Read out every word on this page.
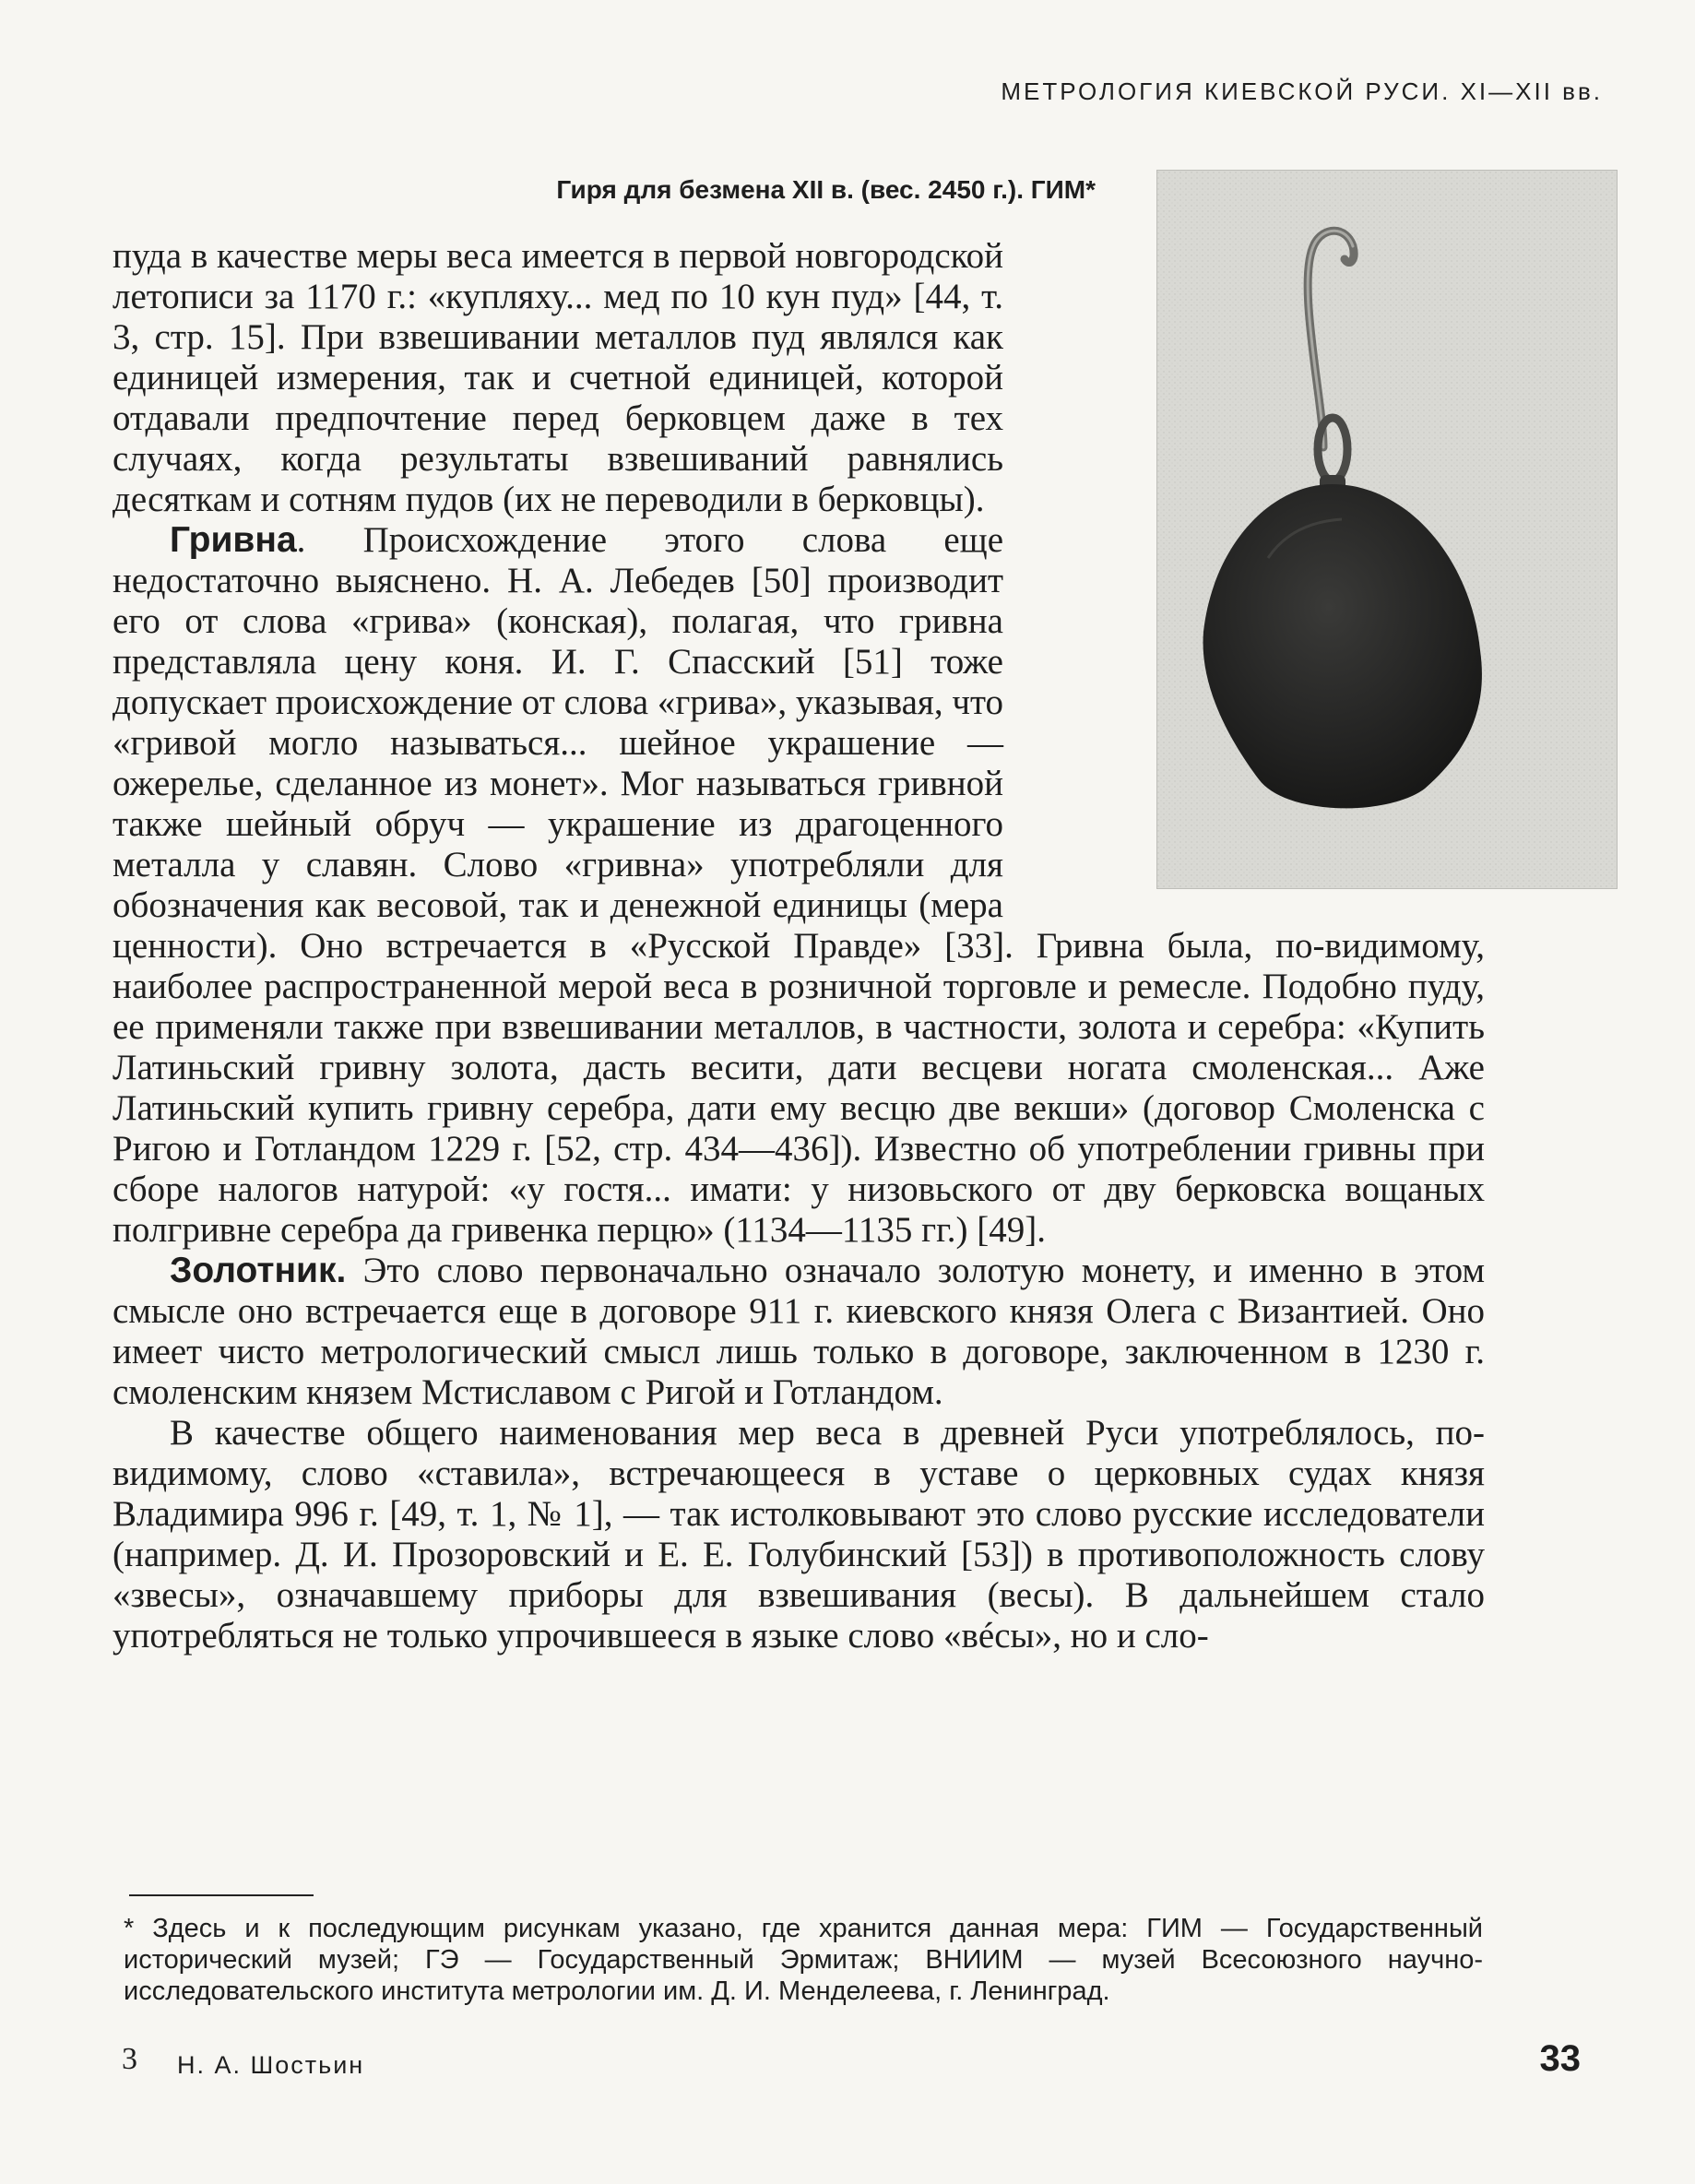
МЕТРОЛОГИЯ КИЕВСКОЙ РУСИ. XI—XII вв.
Гиря для безмена XII в. (вес. 2450 г.). ГИМ*

пуда в качестве меры веса имеется в первой новгородской летописи за 1170 г.: «купляху... мед по 10 кун пуд» [44, т. 3, стр. 15]. При взвешивании металлов пуд являлся как единицей измерения, так и счетной единицей, которой отдавали предпочтение перед берковцем даже в тех случаях, когда результаты взвешиваний равнялись десяткам и сотням пудов (их не переводили в берковцы).

Гривна. Происхождение этого слова еще недостаточно выяснено. Н. А. Лебедев [50] производит его от слова «грива» (конская), полагая, что гривна представляла цену коня. И. Г. Спасский [51] тоже допускает происхождение от слова «грива», указывая, что «гривой могло называться... шейное украшение — ожерелье, сделанное из монет». Мог называться гривной также шейный обруч — украшение из драгоценного металла у славян. Слово «гривна» употребляли для обозначения как весовой, так и денежной единицы (мера ценности). Оно встречается в «Русской Правде» [33]. Гривна была, по-видимому, наиболее распространенной мерой веса в розничной торговле и ремесле. Подобно пуду, ее применяли также при взвешивании металлов, в частности, золота и серебра: «Купить Латиньский гривну золота, дасть весити, дати весцеви ногата смоленская... Аже Латиньский купить гривну серебра, дати ему весцю две векши» (договор Смоленска с Ригою и Готландом 1229 г. [52, стр. 434—436]). Известно об употреблении гривны при сборе налогов натурой: «у гостя... имати: у низовьского от дву берковска вощаных полгривне серебра да гривенка перцю» (1134—1135 гг.) [49].

Золотник. Это слово первоначально означало золотую монету, и именно в этом смысле оно встречается еще в договоре 911 г. киевского князя Олега с Византией. Оно имеет чисто метрологический смысл лишь только в договоре, заключенном в 1230 г. смоленским князем Мстиславом с Ригой и Готландом.

В качестве общего наименования мер веса в древней Руси употреблялось, по-видимому, слово «ставила», встречающееся в уставе о церковных судах князя Владимира 996 г. [49, т. 1, № 1], — так истолковывают это слово русские исследователи (например. Д. И. Прозоровский и Е. Е. Голубинский [53]) в противоположность слову «звесы», означавшему приборы для взвешивания (весы). В дальнейшем стало употребляться не только упрочившееся в языке слово «вéсы», но и сло-

* Здесь и к последующим рисункам указано, где хранится данная мера: ГИМ — Государственный исторический музей; ГЭ — Государственный Эрмитаж; ВНИИМ — музей Всесоюзного научно-исследовательского института метрологии им. Д. И. Менделеева, г. Ленинград.
3 Н. А. Шостьин	33
